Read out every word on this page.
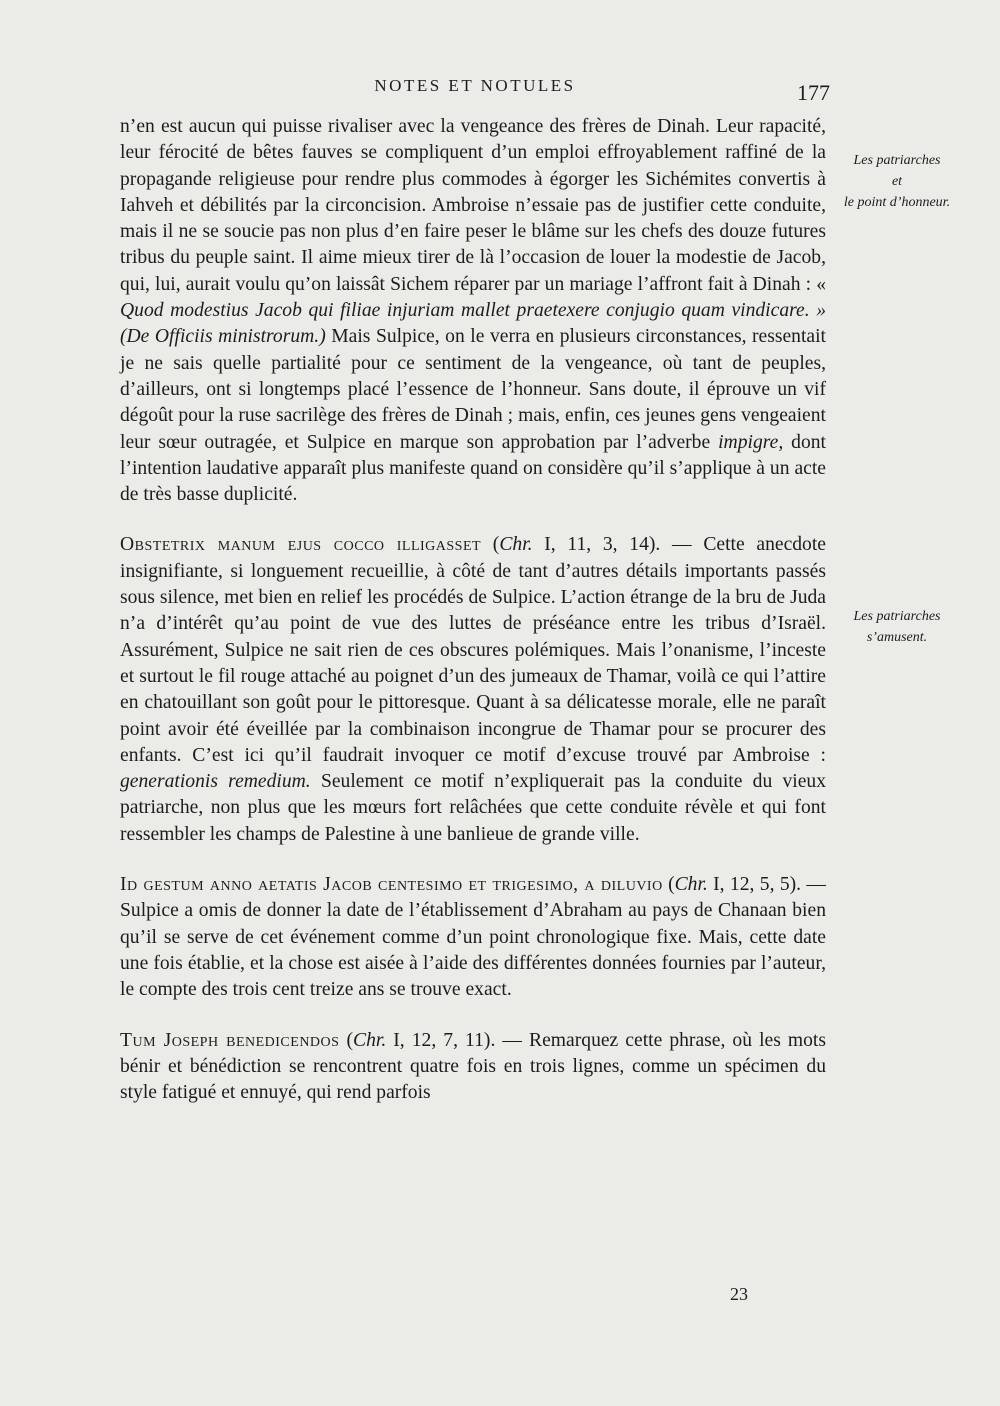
NOTES ET NOTULES	177
Les patriarches
et
le point d’honneur.
Les patriarches
s’amusent.

n’en est aucun qui puisse rivaliser avec la vengeance des frères de Dinah. Leur rapacité, leur férocité de bêtes fauves se compliquent d’un emploi effroyablement raffiné de la propagande religieuse pour rendre plus commodes à égorger les Sichémites convertis à Iahveh et débilités par la circoncision. Ambroise n’essaie pas de justifier cette conduite, mais il ne se soucie pas non plus d’en faire peser le blâme sur les chefs des douze futures tribus du peuple saint. Il aime mieux tirer de là l’occasion de louer la modestie de Jacob, qui, lui, aurait voulu qu’on laissât Sichem réparer par un mariage l’affront fait à Dinah : « Quod modestius Jacob qui filiae injuriam mallet praetexere conjugio quam vindicare. » (De Officiis ministrorum.) Mais Sulpice, on le verra en plusieurs circonstances, ressentait je ne sais quelle partialité pour ce sentiment de la vengeance, où tant de peuples, d’ailleurs, ont si longtemps placé l’essence de l’honneur. Sans doute, il éprouve un vif dégoût pour la ruse sacrilège des frères de Dinah ; mais, enfin, ces jeunes gens vengeaient leur sœur outragée, et Sulpice en marque son approbation par l’adverbe impigre, dont l’intention laudative apparaît plus manifeste quand on considère qu’il s’applique à un acte de très basse duplicité.

Obstetrix manum ejus cocco illigasset (Chr. I, 11, 3, 14). — Cette anecdote insignifiante, si longuement recueillie, à côté de tant d’autres détails importants passés sous silence, met bien en relief les procédés de Sulpice. L’action étrange de la bru de Juda n’a d’intérêt qu’au point de vue des luttes de préséance entre les tribus d’Israël. Assurément, Sulpice ne sait rien de ces obscures polémiques. Mais l’onanisme, l’inceste et surtout le fil rouge attaché au poignet d’un des jumeaux de Thamar, voilà ce qui l’attire en chatouillant son goût pour le pittoresque. Quant à sa délicatesse morale, elle ne paraît point avoir été éveillée par la combinaison incongrue de Thamar pour se procurer des enfants. C’est ici qu’il faudrait invoquer ce motif d’excuse trouvé par Ambroise : generationis remedium. Seulement ce motif n’expliquerait pas la conduite du vieux patriarche, non plus que les mœurs fort relâchées que cette conduite révèle et qui font ressembler les champs de Palestine à une banlieue de grande ville.

Id gestum anno aetatis Jacob centesimo et trigesimo, a diluvio (Chr. I, 12, 5, 5). — Sulpice a omis de donner la date de l’établissement d’Abraham au pays de Chanaan bien qu’il se serve de cet événement comme d’un point chronologique fixe. Mais, cette date une fois établie, et la chose est aisée à l’aide des différentes données fournies par l’auteur, le compte des trois cent treize ans se trouve exact.

Tum Joseph benedicendos (Chr. I, 12, 7, 11). — Remarquez cette phrase, où les mots bénir et bénédiction se rencontrent quatre fois en trois lignes, comme un spécimen du style fatigué et ennuyé, qui rend parfois

23
